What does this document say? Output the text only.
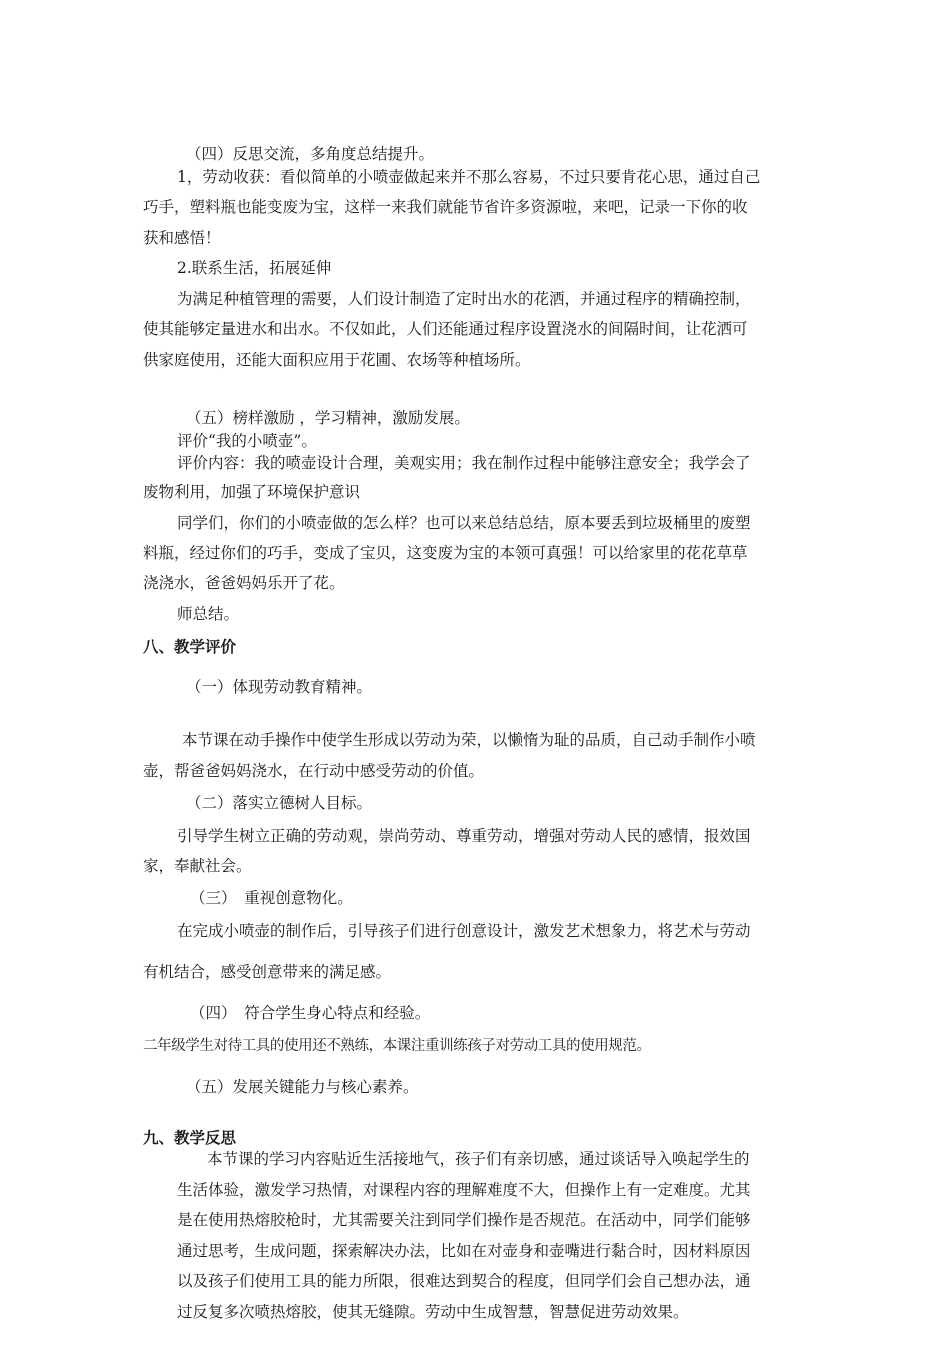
（四）反思交流，多角度总结提升。
1，劳动收获：看似简单的小喷壶做起来并不那么容易，不过只要肯花心思，通过自己
巧手，塑料瓶也能变废为宝，这样一来我们就能节省许多资源啦，来吧，记录一下你的收
获和感悟！
2.联系生活，拓展延伸
为满足种植管理的需要，人们设计制造了定时出水的花洒，并通过程序的精确控制，
使其能够定量进水和出水。不仅如此，人们还能通过程序设置浇水的间隔时间，让花洒可
供家庭使用，还能大面积应用于花圃、农场等种植场所。
（五）榜样激励 ，学习精神，激励发展。
评价“我的小喷壶”。
评价内容：我的喷壶设计合理，美观实用；我在制作过程中能够注意安全；我学会了
废物利用，加强了环境保护意识
同学们，你们的小喷壶做的怎么样？也可以来总结总结，原本要丢到垃圾桶里的废塑
料瓶，经过你们的巧手，变成了宝贝，这变废为宝的本领可真强！可以给家里的花花草草
浇浇水，爸爸妈妈乐开了花。
师总结。
八、教学评价
（一）体现劳动教育精神。
本节课在动手操作中使学生形成以劳动为荣，以懒惰为耻的品质，自己动手制作小喷
壶，帮爸爸妈妈浇水，在行动中感受劳动的价值。
（二）落实立德树人目标。
引导学生树立正确的劳动观，崇尚劳动、尊重劳动，增强对劳动人民的感情，报效国
家，奉献社会。
（三）　重视创意物化。
在完成小喷壶的制作后，引导孩子们进行创意设计，激发艺术想象力，将艺术与劳动
有机结合，感受创意带来的满足感。
（四）　符合学生身心特点和经验。
二年级学生对待工具的使用还不熟练，本课注重训练孩子对劳动工具的使用规范。
（五）发展关键能力与核心素养。
九、教学反思
本节课的学习内容贴近生活接地气，孩子们有亲切感，通过谈话导入唤起学生的
生活体验，激发学习热情，对课程内容的理解难度不大，但操作上有一定难度。尤其
是在使用热熔胶枪时，尤其需要关注到同学们操作是否规范。在活动中，同学们能够
通过思考，生成问题，探索解决办法，比如在对壶身和壶嘴进行黏合时，因材料原因
以及孩子们使用工具的能力所限，很难达到契合的程度，但同学们会自己想办法，通
过反复多次喷热熔胶，使其无缝隙。劳动中生成智慧，智慧促进劳动效果。
